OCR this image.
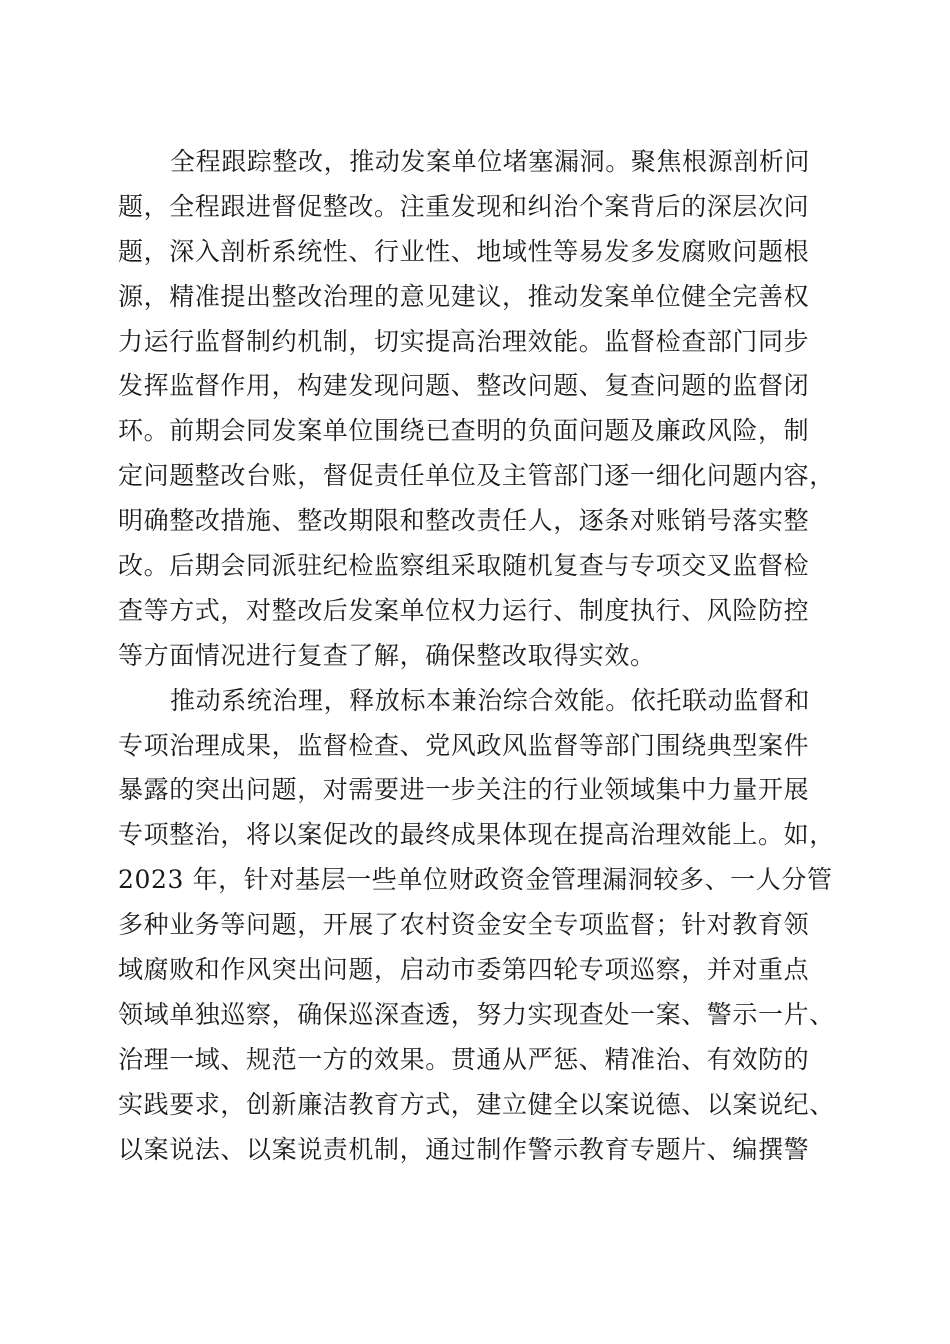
全程跟踪整改，推动发案单位堵塞漏洞。聚焦根源剖析问
题，全程跟进督促整改。注重发现和纠治个案背后的深层次问
题，深入剖析系统性、行业性、地域性等易发多发腐败问题根
源，精准提出整改治理的意见建议，推动发案单位健全完善权
力运行监督制约机制，切实提高治理效能。监督检查部门同步
发挥监督作用，构建发现问题、整改问题、复查问题的监督闭
环。前期会同发案单位围绕已查明的负面问题及廉政风险，制
定问题整改台账，督促责任单位及主管部门逐一细化问题内容，
明确整改措施、整改期限和整改责任人，逐条对账销号落实整
改。后期会同派驻纪检监察组采取随机复查与专项交叉监督检
查等方式，对整改后发案单位权力运行、制度执行、风险防控
等方面情况进行复查了解，确保整改取得实效。
推动系统治理，释放标本兼治综合效能。依托联动监督和
专项治理成果，监督检查、党风政风监督等部门围绕典型案件
暴露的突出问题，对需要进一步关注的行业领域集中力量开展
专项整治，将以案促改的最终成果体现在提高治理效能上。如，
2023 年，针对基层一些单位财政资金管理漏洞较多、一人分管
多种业务等问题，开展了农村资金安全专项监督；针对教育领
域腐败和作风突出问题，启动市委第四轮专项巡察，并对重点
领域单独巡察，确保巡深查透，努力实现查处一案、警示一片、
治理一域、规范一方的效果。贯通从严惩、精准治、有效防的
实践要求，创新廉洁教育方式，建立健全以案说德、以案说纪、
以案说法、以案说责机制，通过制作警示教育专题片、编撰警
